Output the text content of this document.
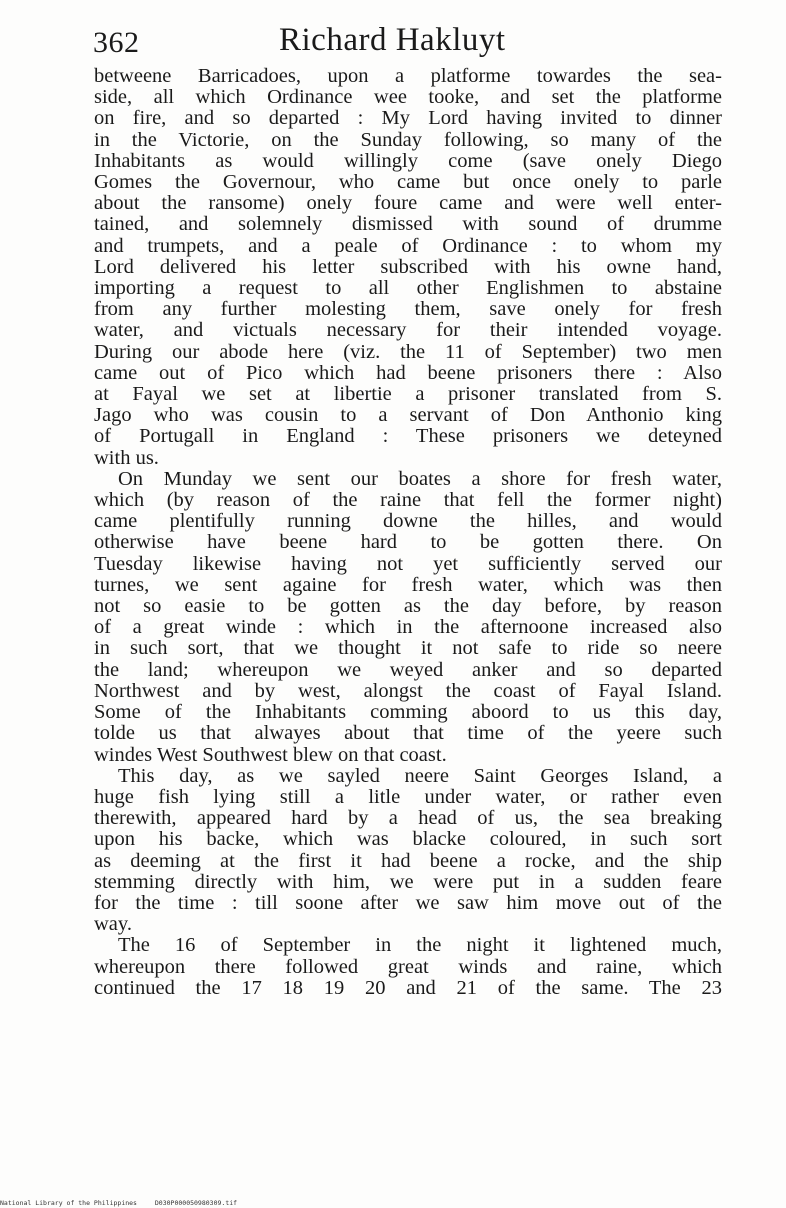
362	Richard Hakluyt

betweene Barricadoes, upon a platforme towardes the sea-
side, all which Ordinance wee tooke, and set the platforme
on fire, and so departed : My Lord having invited to dinner
in the Victorie, on the Sunday following, so many of the
Inhabitants as would willingly come (save onely Diego
Gomes the Governour, who came but once onely to parle
about the ransome) onely foure came and were well enter-
tained, and solemnely dismissed with sound of drumme
and trumpets, and a peale of Ordinance : to whom my
Lord delivered his letter subscribed with his owne hand,
importing a request to all other Englishmen to abstaine
from any further molesting them, save onely for fresh
water, and victuals necessary for their intended voyage.
During our abode here (viz. the 11 of September) two men
came out of Pico which had beene prisoners there : Also
at Fayal we set at libertie a prisoner translated from S.
Jago who was cousin to a servant of Don Anthonio king
of Portugall in England : These prisoners we deteyned
with us.

On Munday we sent our boates a shore for fresh water,
which (by reason of the raine that fell the former night)
came plentifully running downe the hilles, and would
otherwise have beene hard to be gotten there. On
Tuesday likewise having not yet sufficiently served our
turnes, we sent againe for fresh water, which was then
not so easie to be gotten as the day before, by reason
of a great winde : which in the afternoone increased also
in such sort, that we thought it not safe to ride so neere
the land; whereupon we weyed anker and so departed
Northwest and by west, alongst the coast of Fayal Island.
Some of the Inhabitants comming aboord to us this day,
tolde us that alwayes about that time of the yeere such
windes West Southwest blew on that coast.

This day, as we sayled neere Saint Georges Island, a
huge fish lying still a litle under water, or rather even
therewith, appeared hard by a head of us, the sea breaking
upon his backe, which was blacke coloured, in such sort
as deeming at the first it had beene a rocke, and the ship
stemming directly with him, we were put in a sudden feare
for the time : till soone after we saw him move out of the
way.

The 16 of September in the night it lightened much,
whereupon there followed great winds and raine, which
continued the 17 18 19 20 and 21 of the same. The 23

National Library of the Philippines	D030P000050980309.tif
